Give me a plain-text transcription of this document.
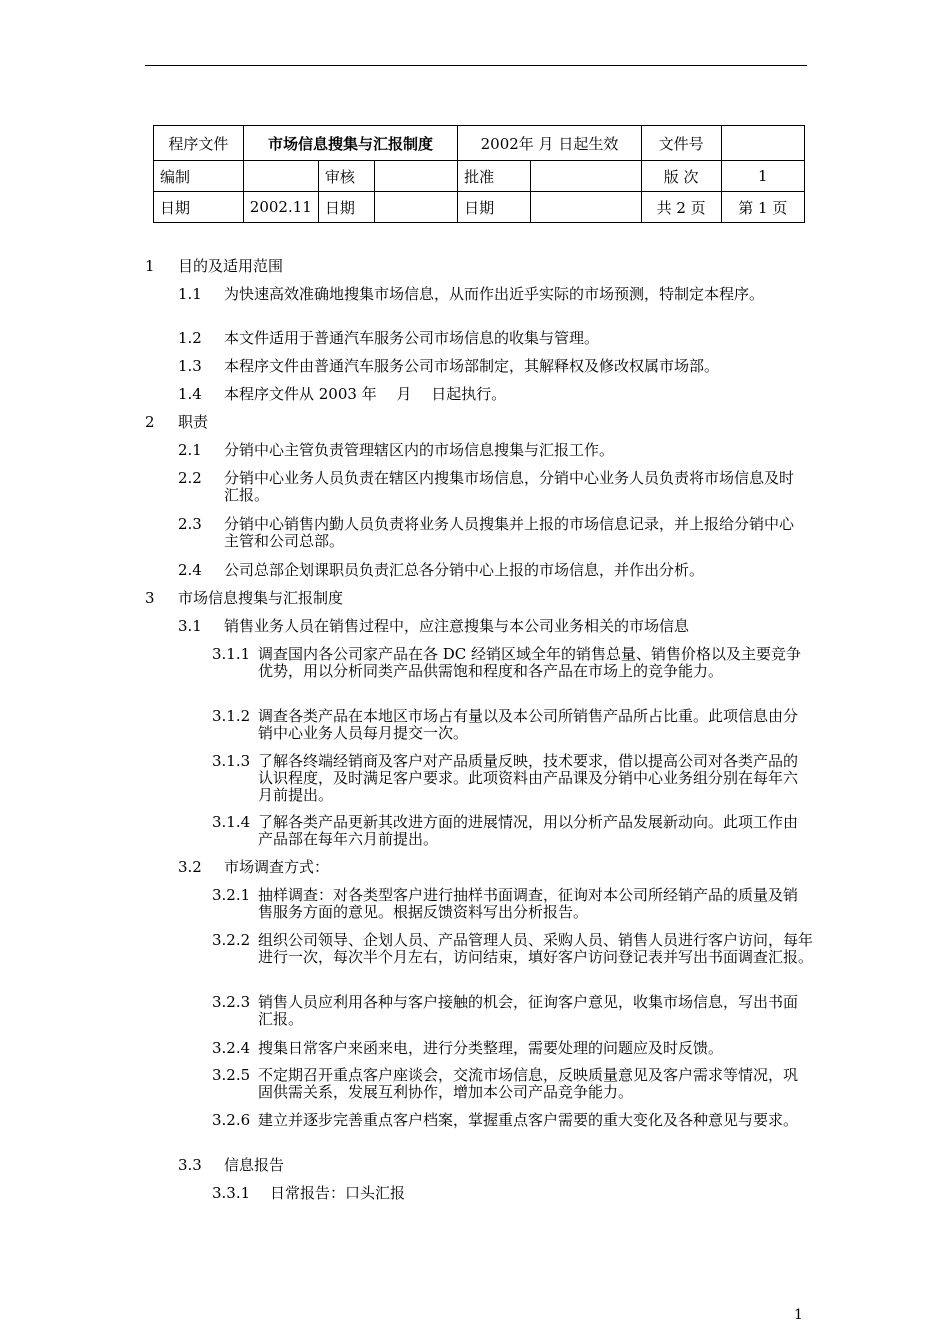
程序文件	市场信息搜集与汇报制度			2002年 月 日起生效		文件号	
编制		审核		批准		版 次	1
日期	2002.11	日期		日期		共 2 页	第 1 页
1 目的及适用范围
1.1 为快速高效准确地搜集市场信息，从而作出近乎实际的市场预测，特制定本程序。
1.2 本文件适用于普通汽车服务公司市场信息的收集与管理。
1.3 本程序文件由普通汽车服务公司市场部制定，其解释权及修改权属市场部。
1.4 本程序文件从 2003 年　 月　 日起执行。
2 职责
2.1 分销中心主管负责管理辖区内的市场信息搜集与汇报工作。
2.2 分销中心业务人员负责在辖区内搜集市场信息，分销中心业务人员负责将市场信息及时汇报。
2.3 分销中心销售内勤人员负责将业务人员搜集并上报的市场信息记录，并上报给分销中心主管和公司总部。
2.4 公司总部企划课职员负责汇总各分销中心上报的市场信息，并作出分析。
3 市场信息搜集与汇报制度
3.1 销售业务人员在销售过程中，应注意搜集与本公司业务相关的市场信息
3.1.1 调查国内各公司家产品在各 DC 经销区域全年的销售总量、销售价格以及主要竞争优势，用以分析同类产品供需饱和程度和各产品在市场上的竞争能力。
3.1.2 调查各类产品在本地区市场占有量以及本公司所销售产品所占比重。此项信息由分销中心业务人员每月提交一次。
3.1.3 了解各终端经销商及客户对产品质量反映，技术要求，借以提高公司对各类产品的认识程度，及时满足客户要求。此项资料由产品课及分销中心业务组分别在每年六月前提出。
3.1.4 了解各类产品更新其改进方面的进展情况，用以分析产品发展新动向。此项工作由产品部在每年六月前提出。
3.2 市场调查方式：
3.2.1 抽样调查：对各类型客户进行抽样书面调查，征询对本公司所经销产品的质量及销售服务方面的意见。根据反馈资料写出分析报告。
3.2.2 组织公司领导、企划人员、产品管理人员、采购人员、销售人员进行客户访问，每年进行一次，每次半个月左右，访问结束，填好客户访问登记表并写出书面调查汇报。
3.2.3 销售人员应利用各种与客户接触的机会，征询客户意见，收集市场信息，写出书面汇报。
3.2.4 搜集日常客户来函来电，进行分类整理，需要处理的问题应及时反馈。
3.2.5 不定期召开重点客户座谈会，交流市场信息，反映质量意见及客户需求等情况，巩固供需关系，发展互利协作，增加本公司产品竞争能力。
3.2.6 建立并逐步完善重点客户档案，掌握重点客户需要的重大变化及各种意见与要求。
3.3 信息报告
3.3.1 日常报告：口头汇报
1
